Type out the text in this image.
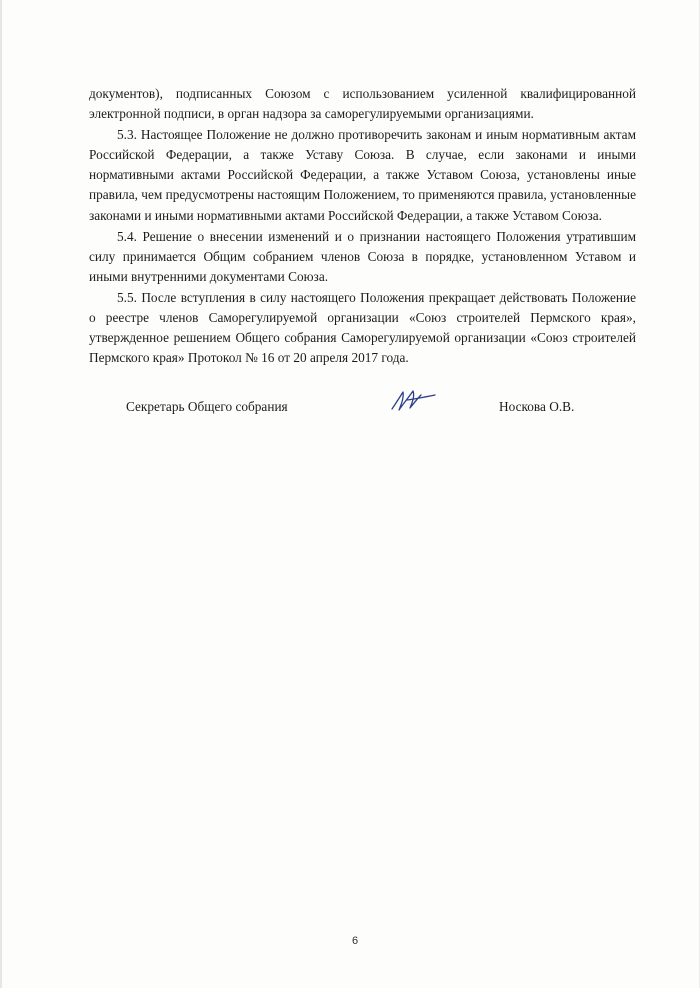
документов), подписанных Союзом с использованием усиленной квалифицированной электронной подписи, в орган надзора за саморегулируемыми организациями.

5.3. Настоящее Положение не должно противоречить законам и иным нормативным актам Российской Федерации, а также Уставу Союза. В случае, если законами и иными нормативными актами Российской Федерации, а также Уставом Союза, установлены иные правила, чем предусмотрены настоящим Положением, то применяются правила, установленные законами и иными нормативными актами Российской Федерации, а также Уставом Союза.

5.4. Решение о внесении изменений и о признании настоящего Положения утратившим силу принимается Общим собранием членов Союза в порядке, установленном Уставом и иными внутренними документами Союза.

5.5. После вступления в силу настоящего Положения прекращает действовать Положение о реестре членов Саморегулируемой организации «Союз строителей Пермского края», утвержденное решением Общего собрания Саморегулируемой организации «Союз строителей Пермского края» Протокол № 16 от 20 апреля 2017 года.

Секретарь Общего собрания	Носкова О.В.
6
